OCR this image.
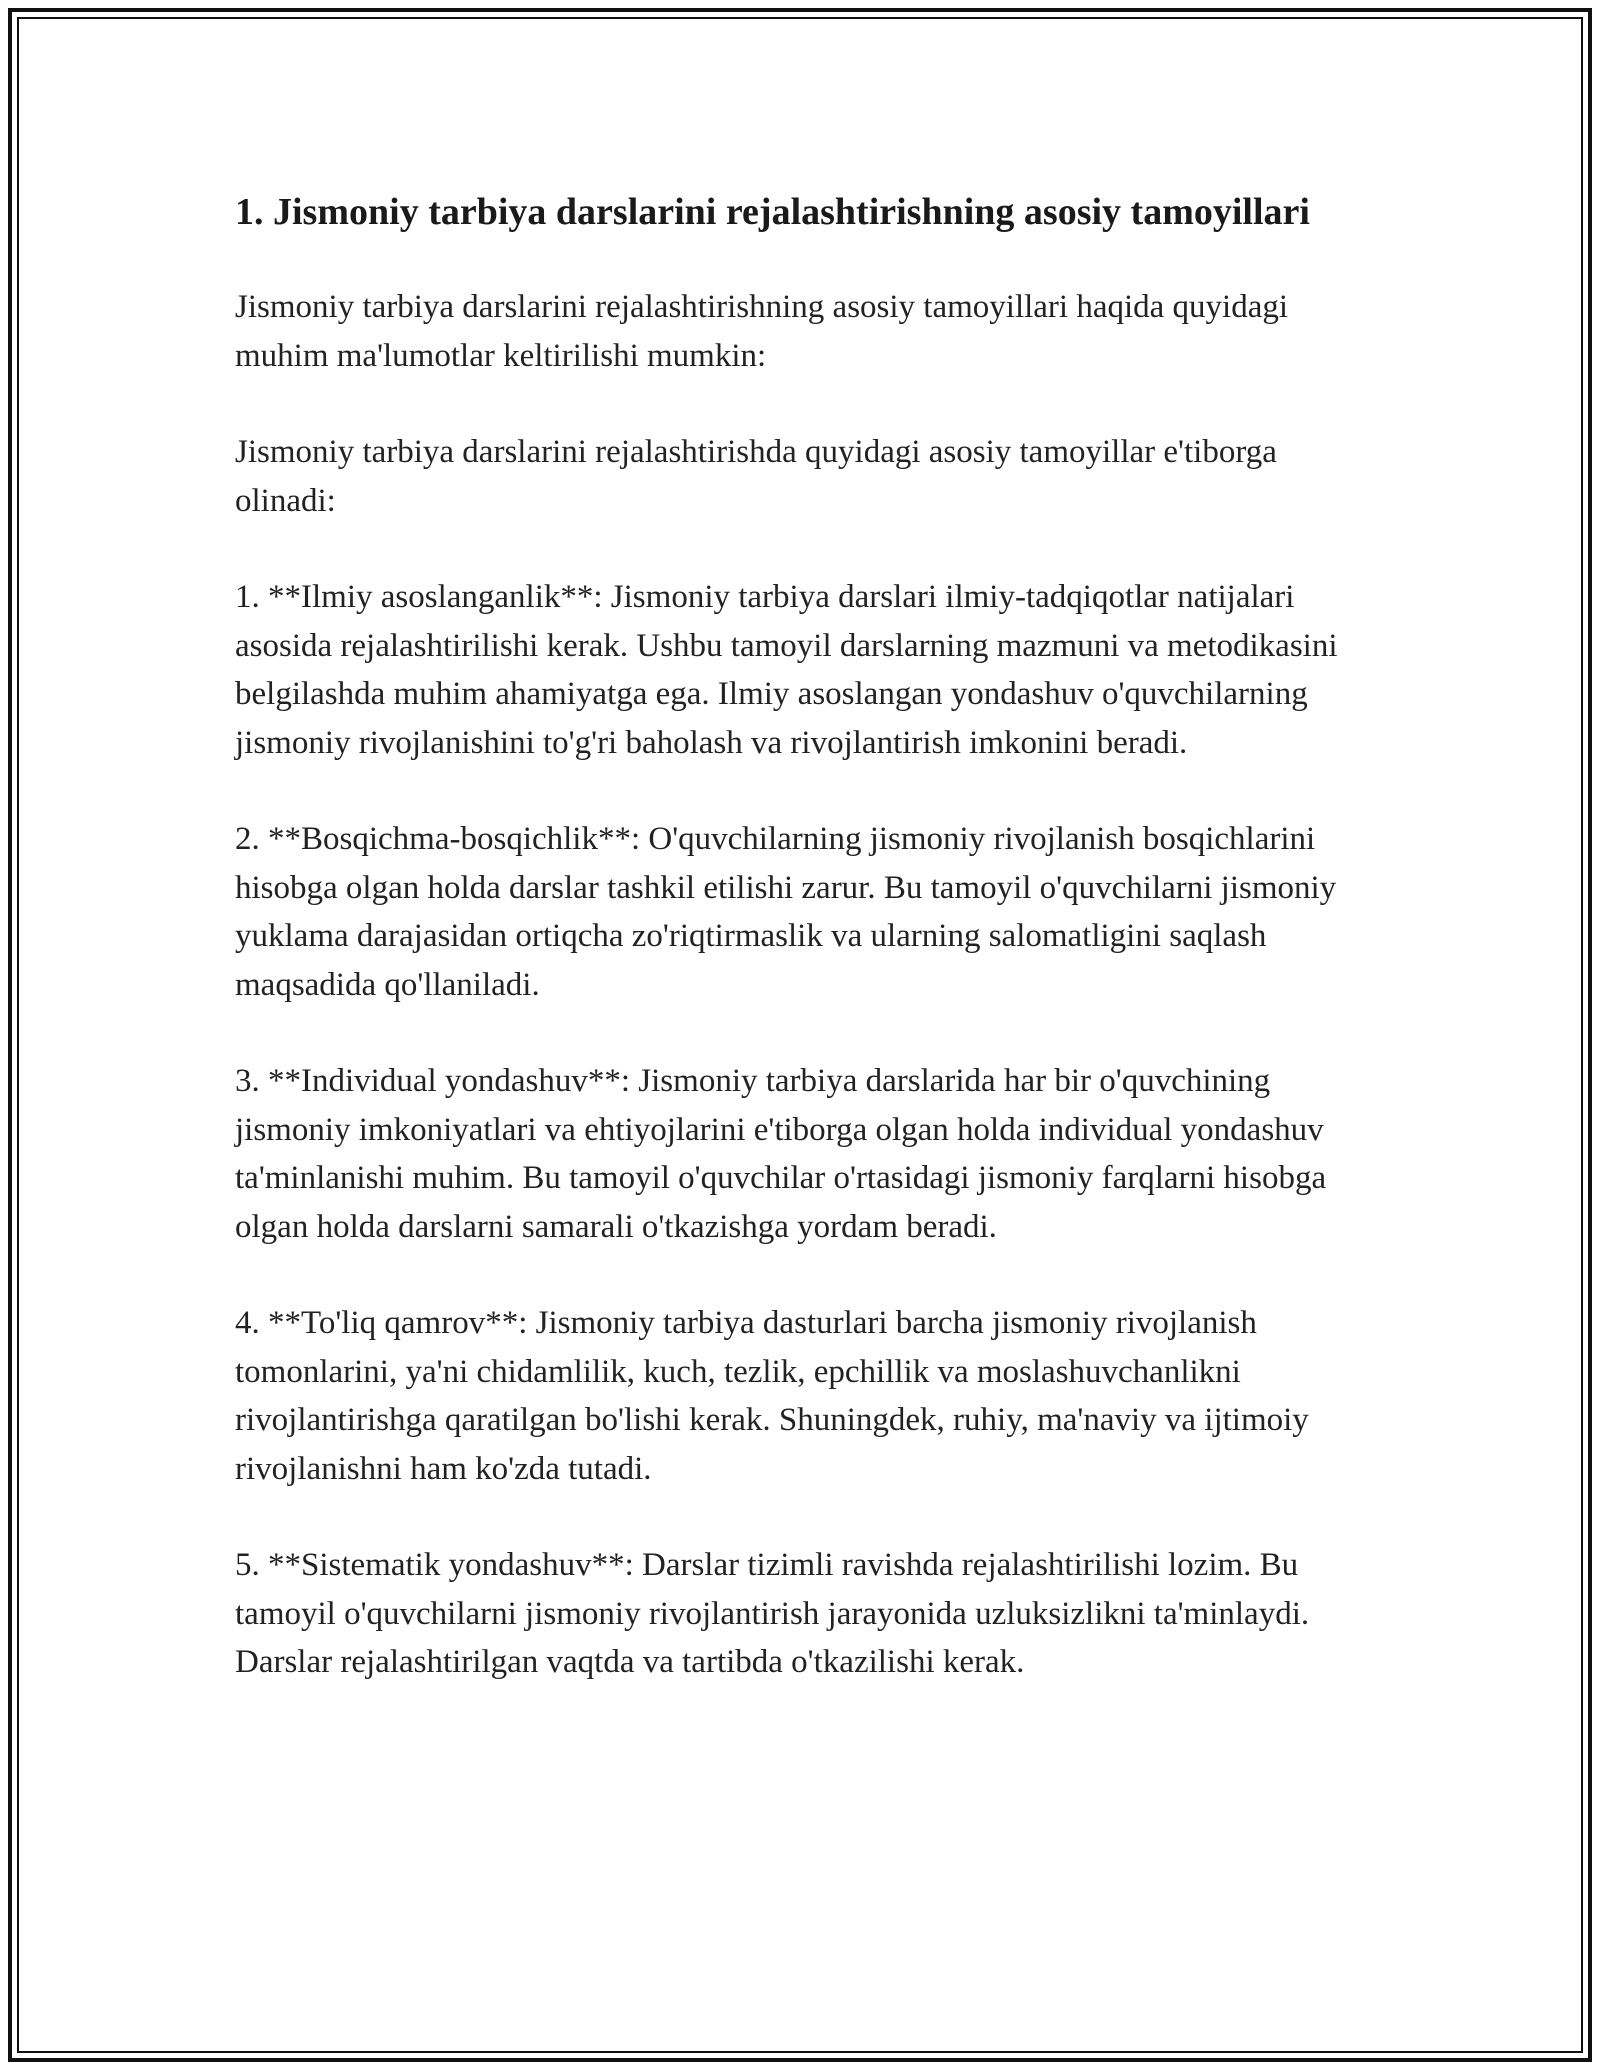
1. Jismoniy tarbiya darslarini rejalashtirishning asosiy tamoyillari

Jismoniy tarbiya darslarini rejalashtirishning asosiy tamoyillari haqida quyidagi muhim ma'lumotlar keltirilishi mumkin:

Jismoniy tarbiya darslarini rejalashtirishda quyidagi asosiy tamoyillar e'tiborga olinadi:

1. **Ilmiy asoslanganlik**: Jismoniy tarbiya darslari ilmiy-tadqiqotlar natijalari asosida rejalashtirilishi kerak. Ushbu tamoyil darslarning mazmuni va metodikasini belgilashda muhim ahamiyatga ega. Ilmiy asoslangan yondashuv o'quvchilarning jismoniy rivojlanishini to'g'ri baholash va rivojlantirish imkonini beradi.

2. **Bosqichma-bosqichlik**: O'quvchilarning jismoniy rivojlanish bosqichlarini hisobga olgan holda darslar tashkil etilishi zarur. Bu tamoyil o'quvchilarni jismoniy yuklama darajasidan ortiqcha zo'riqtirmaslik va ularning salomatligini saqlash maqsadida qo'llaniladi.

3. **Individual yondashuv**: Jismoniy tarbiya darslarida har bir o'quvchining jismoniy imkoniyatlari va ehtiyojlarini e'tiborga olgan holda individual yondashuv ta'minlanishi muhim. Bu tamoyil o'quvchilar o'rtasidagi jismoniy farqlarni hisobga olgan holda darslarni samarali o'tkazishga yordam beradi.

4. **To'liq qamrov**: Jismoniy tarbiya dasturlari barcha jismoniy rivojlanish tomonlarini, ya'ni chidamlilik, kuch, tezlik, epchillik va moslashuvchanlikni rivojlantirishga qaratilgan bo'lishi kerak. Shuningdek, ruhiy, ma'naviy va ijtimoiy rivojlanishni ham ko'zda tutadi.

5. **Sistematik yondashuv**: Darslar tizimli ravishda rejalashtirilishi lozim. Bu tamoyil o'quvchilarni jismoniy rivojlantirish jarayonida uzluksizlikni ta'minlaydi. Darslar rejalashtirilgan vaqtda va tartibda o'tkazilishi kerak.
